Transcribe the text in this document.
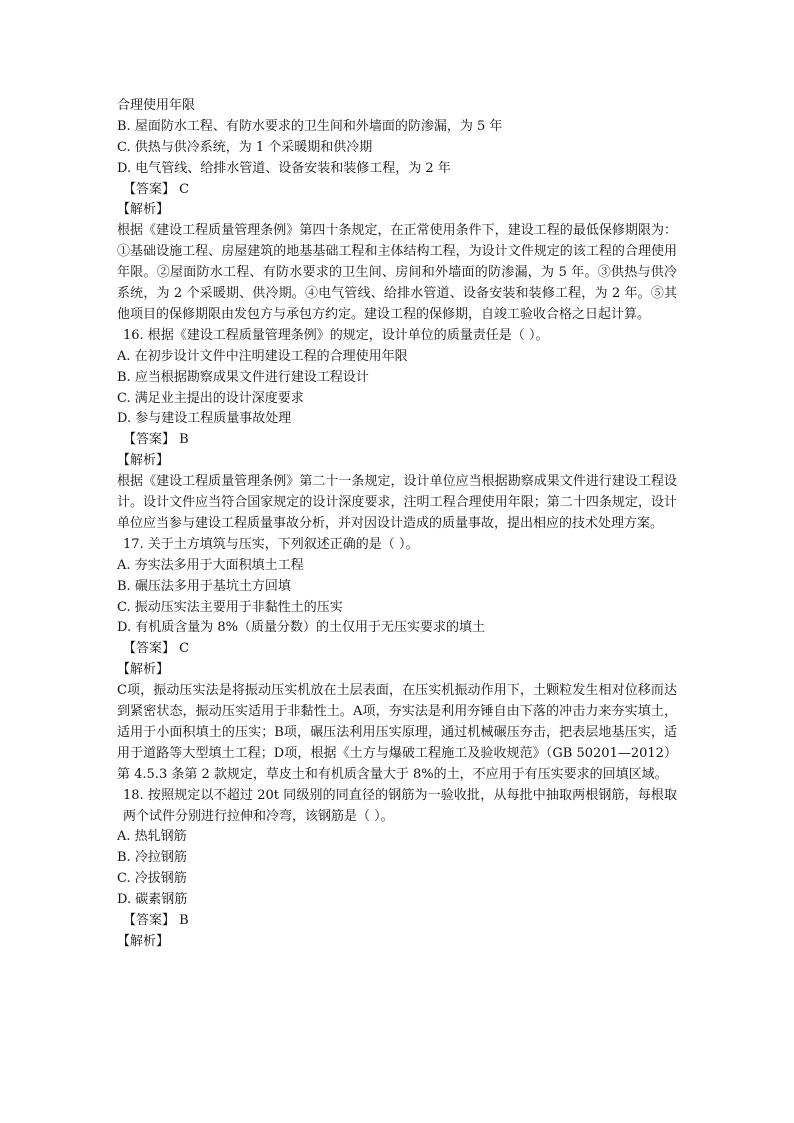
合理使用年限
B. 屋面防水工程、有防水要求的卫生间和外墙面的防渗漏，为 5 年
C. 供热与供冷系统，为 1 个采暖期和供冷期
D. 电气管线、给排水管道、设备安装和装修工程，为 2 年
【答案】 C
【解析】
根据《建设工程质量管理条例》第四十条规定，在正常使用条件下，建设工程的最低保修期限为：①基础设施工程、房屋建筑的地基基础工程和主体结构工程，为设计文件规定的该工程的合理使用年限。②屋面防水工程、有防水要求的卫生间、房间和外墙面的防渗漏，为 5 年。③供热与供冷系统，为 2 个采暖期、供冷期。④电气管线、给排水管道、设备安装和装修工程，为 2 年。⑤其他项目的保修期限由发包方与承包方约定。建设工程的保修期，自竣工验收合格之日起计算。
16. 根据《建设工程质量管理条例》的规定，设计单位的质量责任是（ ）。
A. 在初步设计文件中注明建设工程的合理使用年限
B. 应当根据勘察成果文件进行建设工程设计
C. 满足业主提出的设计深度要求
D. 参与建设工程质量事故处理
【答案】 B
【解析】
根据《建设工程质量管理条例》第二十一条规定，设计单位应当根据勘察成果文件进行建设工程设计。设计文件应当符合国家规定的设计深度要求，注明工程合理使用年限；第二十四条规定，设计单位应当参与建设工程质量事故分析，并对因设计造成的质量事故，提出相应的技术处理方案。
17. 关于土方填筑与压实，下列叙述正确的是（ ）。
A. 夯实法多用于大面积填土工程
B. 碾压法多用于基坑土方回填
C. 振动压实法主要用于非黏性土的压实
D. 有机质含量为 8%（质量分数）的土仅用于无压实要求的填土
【答案】 C
【解析】
C项，振动压实法是将振动压实机放在土层表面，在压实机振动作用下，土颗粒发生相对位移而达到紧密状态，振动压实适用于非黏性土。A项，夯实法是利用夯锤自由下落的冲击力来夯实填土，适用于小面积填土的压实；B项，碾压法利用压实原理，通过机械碾压夯击，把表层地基压实，适用于道路等大型填土工程；D项，根据《土方与爆破工程施工及验收规范》（GB 50201—2012）第 4.5.3 条第 2 款规定，草皮土和有机质含量大于 8%的土，不应用于有压实要求的回填区域。
18. 按照规定以不超过 20t 同级别的同直径的钢筋为一验收批，从每批中抽取两根钢筋，每根取两个试件分别进行拉伸和冷弯，该钢筋是（ ）。
A. 热轧钢筋
B. 冷拉钢筋
C. 冷拔钢筋
D. 碳素钢筋
【答案】 B
【解析】
